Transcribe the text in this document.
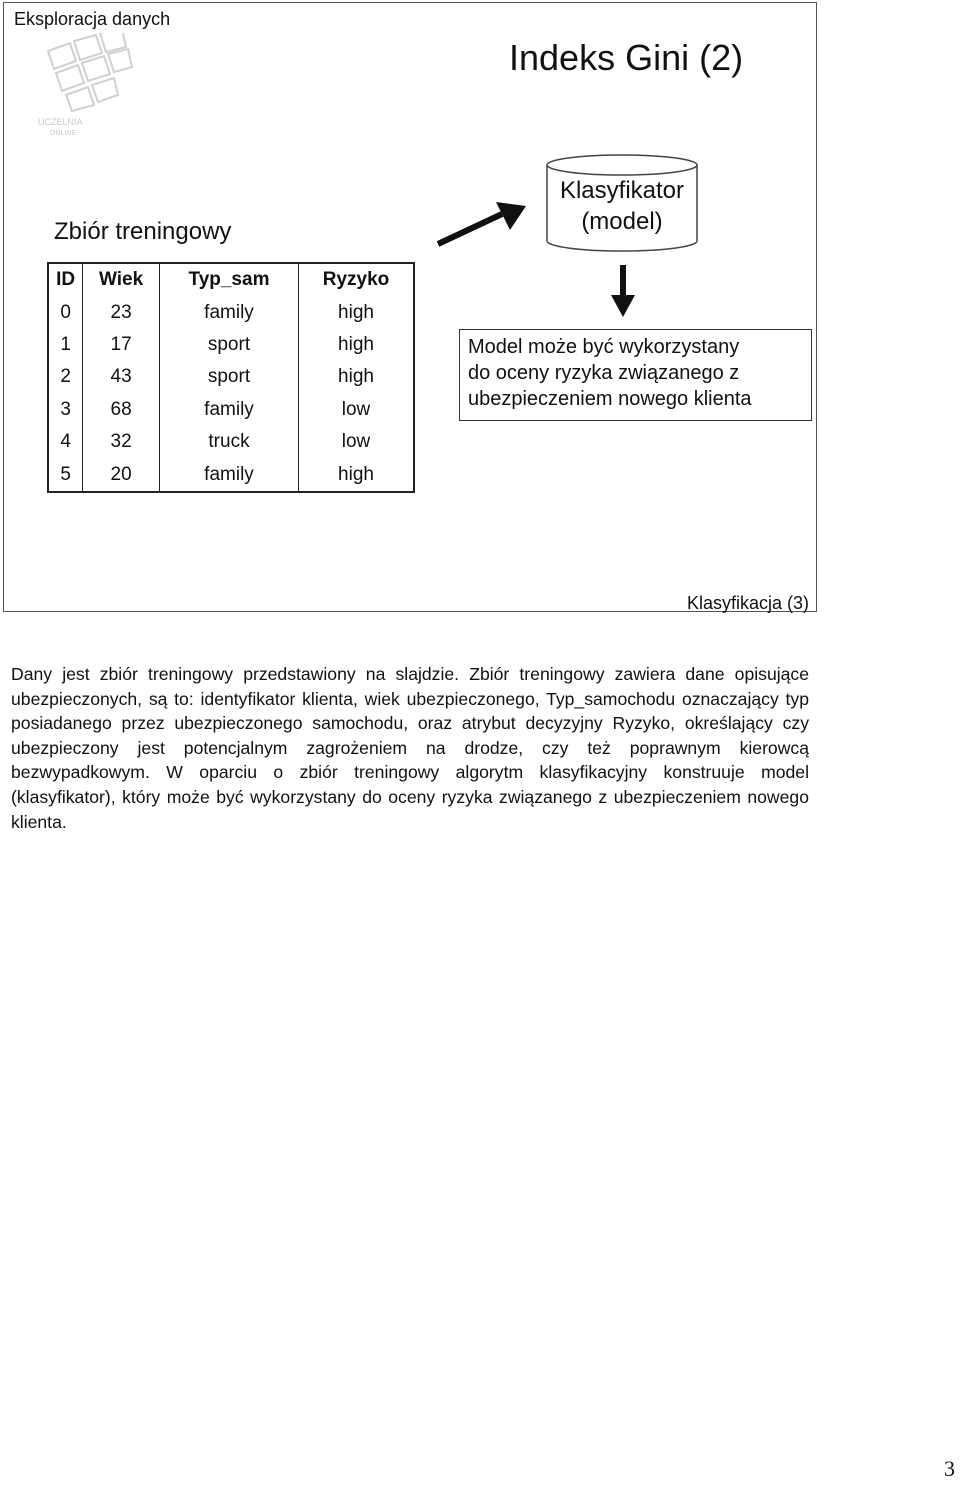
Eksploracja danych
UCZELNIA
ONLINE
Indeks Gini (2)
Zbiór treningowy
ID	Wiek	Typ_sam	Ryzyko
0	23	family	high
1	17	sport	high
2	43	sport	high
3	68	family	low
4	32	truck	low
5	20	family	high
Klasyfikator
(model)
Model może być wykorzystany
do oceny ryzyka związanego z
ubezpieczeniem nowego klienta
Klasyfikacja (3)

Dany jest zbiór treningowy przedstawiony na slajdzie. Zbiór treningowy zawiera dane opisujące ubezpieczonych, są to: identyfikator klienta, wiek ubezpieczonego, Typ_samochodu oznaczający typ posiadanego przez ubezpieczonego samochodu, oraz atrybut decyzyjny Ryzyko, określający czy ubezpieczony jest potencjalnym zagrożeniem na drodze, czy też poprawnym kierowcą bezwypadkowym. W oparciu o zbiór treningowy algorytm klasyfikacyjny konstruuje model (klasyfikator), który może być wykorzystany do oceny ryzyka związanego z ubezpieczeniem nowego klienta.

3
